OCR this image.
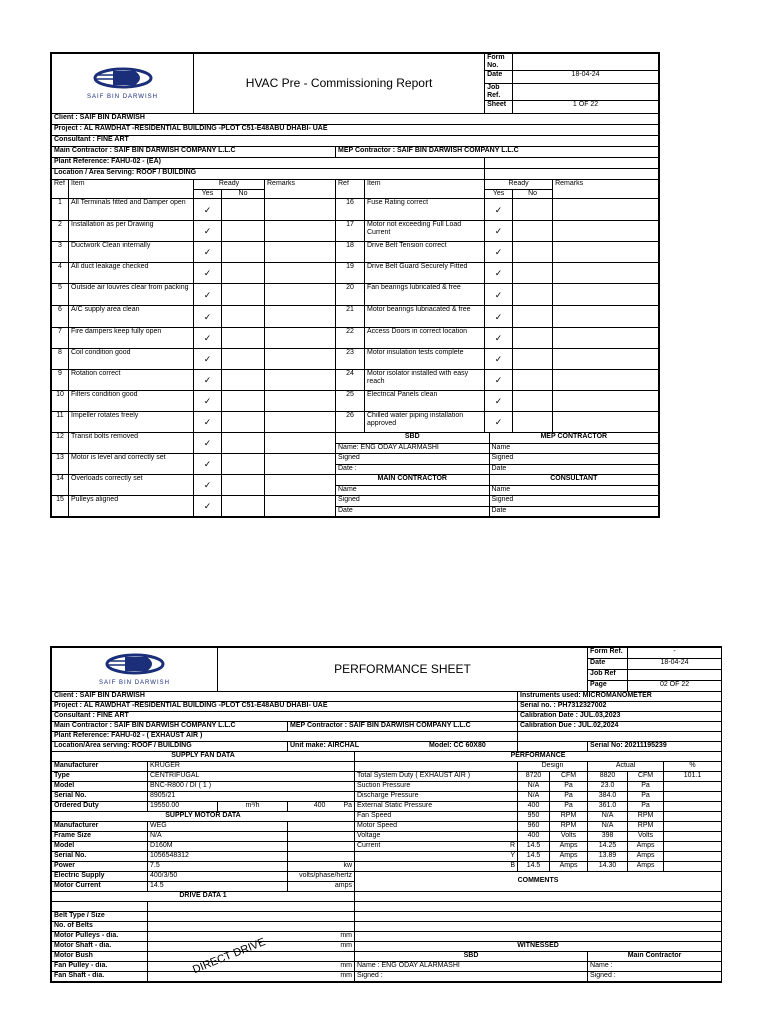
SAIF BIN DARWISH
	HVAC Pre - Commissioning Report	Form No.	
Date	18-04-24
Job Ref.	
Sheet	1 OF 22
Client : SAIF BIN DARWISH
Project : AL RAWDHAT -RESIDENTIAL BUILDING -PLOT C51-E48ABU DHABI- UAE
Consultant : FINE ART
Main Contractor : SAIF BIN DARWISH COMPANY L.L.C	MEP Contractor : SAIF BIN DARWISH COMPANY L.L.C
Plant Reference: FAHU-02 - (EA)	
Location / Area Serving: ROOF / BUILDING	
Ref	Item	Ready	Remarks	Ref	Item	Ready	Remarks
Yes	No	Yes	No
1	All Terminals fitted and Damper open	✓			16	Fuse Rating correct	✓		
2	Installation as per Drawing	✓			17	Motor not exceeding Full Load Current	✓		
3	Ductwork Clean internally	✓			18	Drive Belt Tension correct	✓		
4	All duct leakage checked	✓			19	Drive Belt Guard Securely Fitted	✓		
5	Outside air louvres clear from packing	✓			20	Fan bearings lubricated & free	✓		
6	A/C supply area clean	✓			21	Motor bearings lubriacated & free	✓		
7	Fire dampers keep fully open	✓			22	Access Doors in correct location	✓		
8	Coil condition good	✓			23	Motor insulation tests complete	✓		
9	Rotation correct	✓			24	Motor isolator installed with easy reach	✓		
10	Filters condition good	✓			25	Electrical Panels clean	✓		
11	Impeller rotates freely	✓			26	Chilled water piping installation approved	✓		
12	Transit bolts removed	✓			
SBD	MEP CONTRACTOR
Name: ENG ODAY ALARMASHI	Name

13	Motor is level and correctly set	✓			
Signed	Signed
Date :	Date

14	Overloads correctly set	✓			
MAIN CONTRACTOR	CONSULTANT
Name	Name

15	Pulleys aligned	✓			
Signed	Signed
Date	Date
SAIF BIN DARWISH		PERFORMANCE SHEET					Form Ref.	-	
							Date	18-04-24	
							Job Ref		
							Page	02 OF 22	
Client : SAIF BIN DARWISH					Instruments used: MICROMANOMETER				
Project : AL RAWDHAT -RESIDENTIAL BUILDING -PLOT C51-E48ABU DHABI- UAE					Serial no. : PH7312327002				
Consultant : FINE ART					Calibration Date : JUL.03,2023				
Main Contractor : SAIF BIN DARWISH COMPANY L.L.C			MEP Contractor : SAIF BIN DARWISH COMPANY L.L.C		Calibration Due : JUL.02,2024				
Plant Reference: FAHU-02 - ( EXHAUST AIR )									
Location/Area serving: ROOF / BUILDING			Unit make: AIRCHAL Model: CC 60X80				Serial No: 20211195239		
SUPPLY FAN DATA				PERFORMANCE					
Manufacturer	KRUGER				Design		Actual		%
Type	CENTRIFUGAL			Total System Duty ( EXHAUST AIR )	8720	CFM	8820	CFM	101.1
Model	BNC-R800 / DI ( 1 )			Suction Pressure	N/A	Pa	23.0	Pa	
Serial No.	8905/21			Discharge Pressure	N/A	Pa	384.0	Pa	
Ordered Duty	19550.00	m³/h	400 Pa	External Static Pressure	400	Pa	361.0	Pa	
SUPPLY MOTOR DATA				Fan Speed	950	RPM	N/A	RPM	
Manufacturer	WEG			Motor Speed	960	RPM	N/A	RPM	
Frame Size	N/A			Voltage	400	Volts	398	Volts	
Model	D160M			Current R	14.5	Amps	14.25	Amps	
Serial No.	1056548312			Y	14.5	Amps	13.89	Amps	
Power	7.5		kw	B	14.5	Amps	14.30	Amps	
Electric Supply	400/3/50		volts/phase/hertz	COMMENTS					
Motor Current	14.5		amps						
DRIVE DATA 1									

Belt Type / Size									
No. of Belts									
Motor Pulleys - dia.	mm								
Motor Shaft - dia.	mm			WITNESSED					
Motor Bush				SBD			Main Contractor		
Fan Pulley - dia.	mm			Name : ENG ODAY ALARMASHI			Name :		
Fan Shaft - dia.	mm			Signed :			Signed :		
DIRECT DRIVE
